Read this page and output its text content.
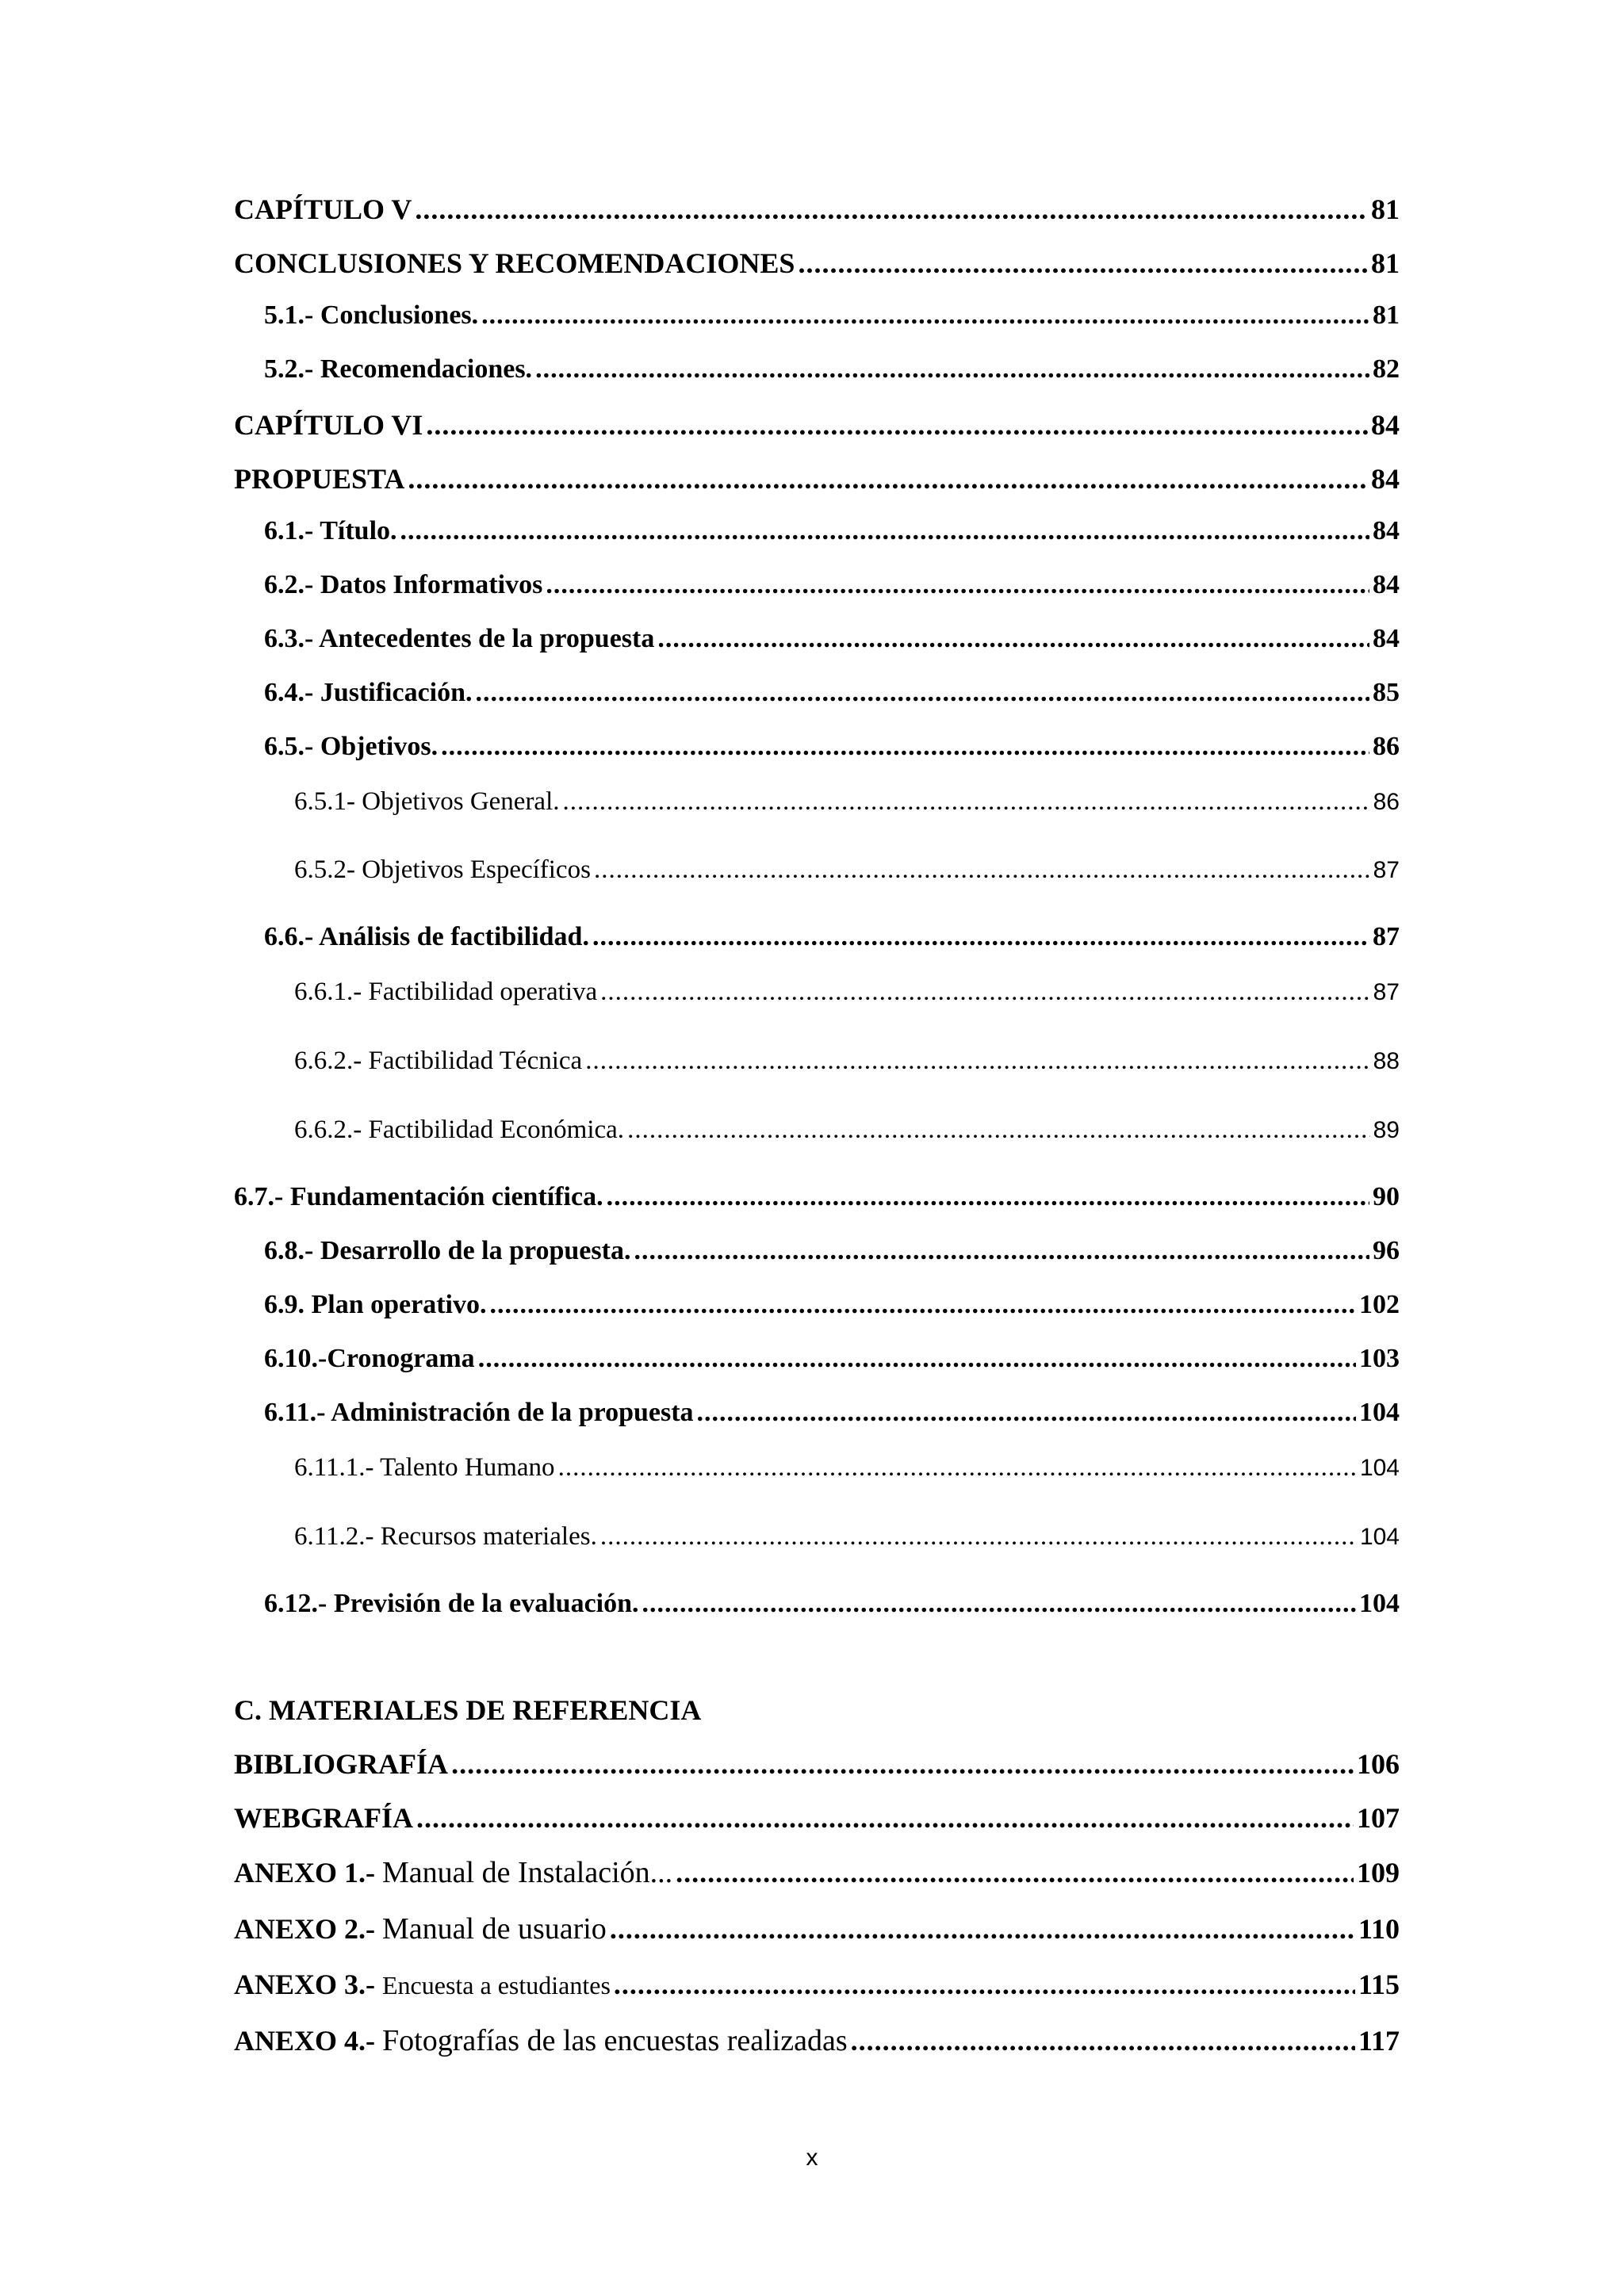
CAPÍTULO V .....	81
CONCLUSIONES Y RECOMENDACIONES .....	81
5.1.- Conclusiones. .....	81
5.2.- Recomendaciones. .....	82
CAPÍTULO VI .....	84
PROPUESTA .....	84
6.1.- Título. .....	84
6.2.- Datos Informativos .....	84
6.3.- Antecedentes de la propuesta .....	84
6.4.- Justificación. .....	85
6.5.- Objetivos. .....	86
6.5.1- Objetivos General. .....	86
6.5.2- Objetivos Específicos .....	87
6.6.- Análisis de factibilidad. .....	87
6.6.1.- Factibilidad operativa .....	87
6.6.2.- Factibilidad Técnica .....	88
6.6.2.- Factibilidad Económica. .....	89
6.7.- Fundamentación científica. .....	90
6.8.- Desarrollo de la propuesta. .....	96
6.9. Plan operativo. .....	102
6.10.-Cronograma .....	103
6.11.- Administración de la propuesta .....	104
6.11.1.- Talento Humano .....	104
6.11.2.- Recursos materiales. .....	104
6.12.- Previsión de la evaluación. .....	104
C. MATERIALES DE REFERENCIA
BIBLIOGRAFÍA .....	106
WEBGRAFÍA .....	107
ANEXO 1.- Manual de Instalación... .....	109
ANEXO 2.- Manual de usuario .....	110
ANEXO 3.- Encuesta a estudiantes .....	115
ANEXO 4.- Fotografías de las encuestas realizadas .....	117
x
